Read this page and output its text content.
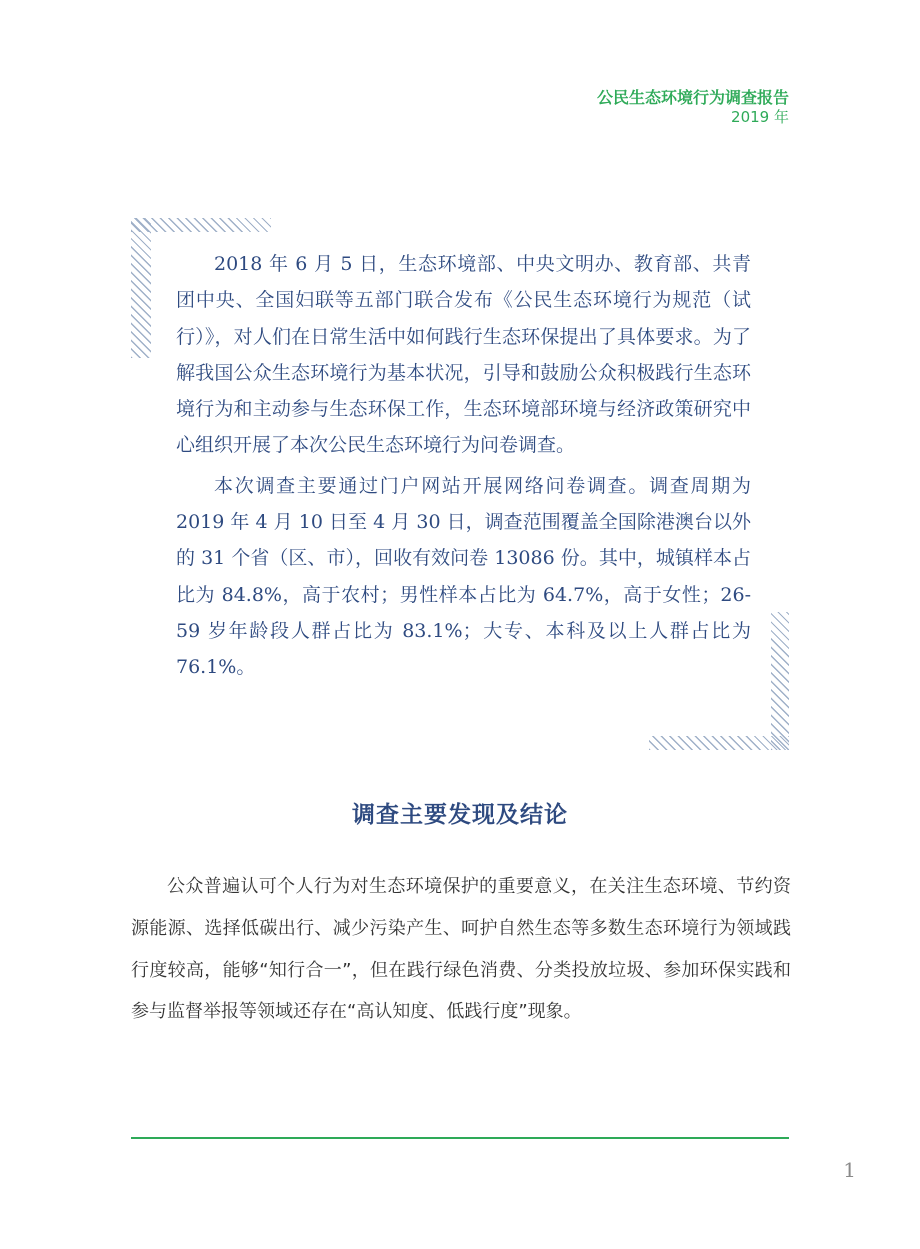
公民生态环境行为调查报告
2019 年

2018 年 6 月 5 日，生态环境部、中央文明办、教育部、共青团中央、全国妇联等五部门联合发布《公民生态环境行为规范（试行）》，对人们在日常生活中如何践行生态环保提出了具体要求。为了解我国公众生态环境行为基本状况，引导和鼓励公众积极践行生态环境行为和主动参与生态环保工作，生态环境部环境与经济政策研究中心组织开展了本次公民生态环境行为问卷调查。

本次调查主要通过门户网站开展网络问卷调查。调查周期为 2019 年 4 月 10 日至 4 月 30 日，调查范围覆盖全国除港澳台以外的 31 个省（区、市），回收有效问卷 13086 份。其中，城镇样本占比为 84.8%，高于农村；男性样本占比为 64.7%，高于女性；26-59 岁年龄段人群占比为 83.1%；大专、本科及以上人群占比为 76.1%。

调查主要发现及结论

公众普遍认可个人行为对生态环境保护的重要意义，在关注生态环境、节约资源能源、选择低碳出行、减少污染产生、呵护自然生态等多数生态环境行为领域践行度较高，能够“知行合一”，但在践行绿色消费、分类投放垃圾、参加环保实践和参与监督举报等领域还存在“高认知度、低践行度”现象。

1
